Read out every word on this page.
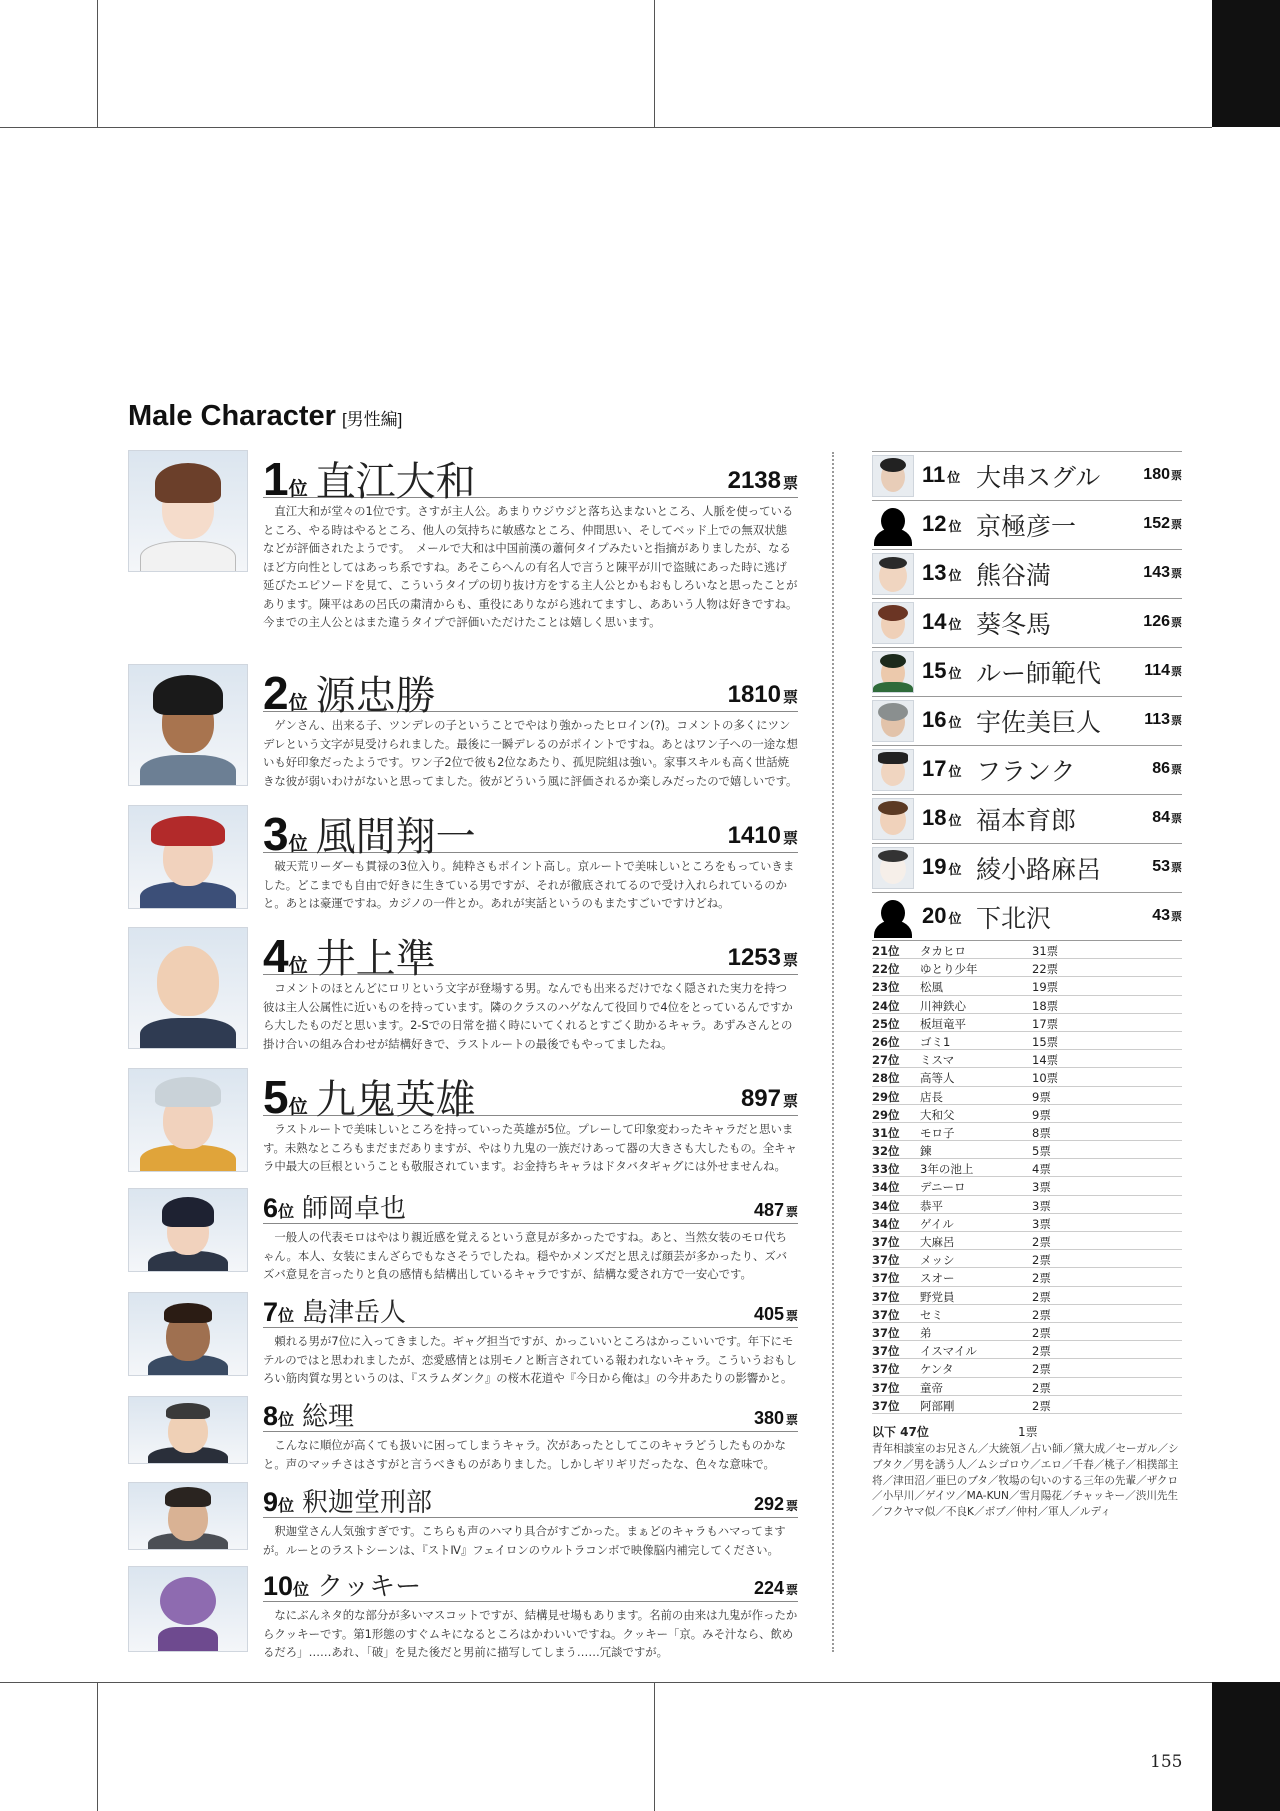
Male Character [男性編]
1位 直江大和	2138 票
直江大和が堂々の1位です。さすが主人公。あまりウジウジと落ち込まないところ、人脈を使っているところ、やる時はやるところ、他人の気持ちに敏感なところ、仲間思い、そしてベッド上での無双状態などが評価されたようです。　メールで大和は中国前漢の蕭何タイプみたいと指摘がありましたが、なるほど方向性としてはあっち系ですね。あそこらへんの有名人で言うと陳平が川で盗賊にあった時に逃げ延びたエピソードを見て、こういうタイプの切り抜け方をする主人公とかもおもしろいなと思ったことがあります。陳平はあの呂氏の粛清からも、重役にありながら逃れてますし、ああいう人物は好きですね。今までの主人公とはまた違うタイプで評価いただけたことは嬉しく思います。
2位 源忠勝	1810 票
ゲンさん、出来る子、ツンデレの子ということでやはり強かったヒロイン(?)。コメントの多くにツンデレという文字が見受けられました。最後に一瞬デレるのがポイントですね。あとはワン子への一途な想いも好印象だったようです。ワン子2位で彼も2位なあたり、孤児院組は強い。家事スキルも高く世話焼きな彼が弱いわけがないと思ってました。彼がどういう風に評価されるか楽しみだったので嬉しいです。
3位 風間翔一	1410 票
破天荒リーダーも貫禄の3位入り。純粋さもポイント高し。京ルートで美味しいところをもっていきました。どこまでも自由で好きに生きている男ですが、それが徹底されてるので受け入れられているのかと。あとは豪運ですね。カジノの一件とか。あれが実話というのもまたすごいですけどね。
4位 井上準	1253 票
コメントのほとんどにロリという文字が登場する男。なんでも出来るだけでなく隠された実力を持つ彼は主人公属性に近いものを持っています。隣のクラスのハゲなんて役回りで4位をとっているんですから大したものだと思います。2-Sでの日常を描く時にいてくれるとすごく助かるキャラ。あずみさんとの掛け合いの組み合わせが結構好きで、ラストルートの最後でもやってましたね。
5位 九鬼英雄	897 票
ラストルートで美味しいところを持っていった英雄が5位。プレーして印象変わったキャラだと思います。未熟なところもまだまだありますが、やはり九鬼の一族だけあって器の大きさも大したもの。全キャラ中最大の巨根ということも敬服されています。お金持ちキャラはドタバタギャグには外せませんね。
6位 師岡卓也	487 票
一般人の代表モロはやはり親近感を覚えるという意見が多かったですね。あと、当然女装のモロ代ちゃん。本人、女装にまんざらでもなさそうでしたね。穏やかメンズだと思えば顔芸が多かったり、ズバズバ意見を言ったりと負の感情も結構出しているキャラですが、結構な愛され方で一安心です。
7位 島津岳人	405 票
頼れる男が7位に入ってきました。ギャグ担当ですが、かっこいいところはかっこいいです。年下にモテルのではと思われましたが、恋愛感情とは別モノと断言されている報われないキャラ。こういうおもしろい筋肉質な男というのは、『スラムダンク』の桜木花道や『今日から俺は』の今井あたりの影響かと。
8位 総理	380 票
こんなに順位が高くても扱いに困ってしまうキャラ。次があったとしてこのキャラどうしたものかなと。声のマッチさはさすがと言うべきものがありました。しかしギリギリだったな、色々な意味で。
9位 釈迦堂刑部	292 票
釈迦堂さん人気強すぎです。こちらも声のハマり具合がすごかった。まぁどのキャラもハマってますが。ルーとのラストシーンは、『ストⅣ』フェイロンのウルトラコンボで映像脳内補完してください。
10位 クッキー	224 票
なにぶんネタ的な部分が多いマスコットですが、結構見せ場もあります。名前の由来は九鬼が作ったからクッキーです。第1形態のすぐムキになるところはかわいいですね。クッキー「京。みそ汁なら、飲めるだろ」……あれ、「破」を見た後だと男前に描写してしまう……冗談ですが。
11 位 大串スグル	180票
12 位 京極彦一	152票
13 位 熊谷満	143票
14 位 葵冬馬	126票
15 位 ルー師範代	114票
16 位 宇佐美巨人	113票
17 位 フランク	86票
18 位 福本育郎	84票
19 位 綾小路麻呂	53票
20 位 下北沢	43票
21位 タカヒロ	31票
22位 ゆとり少年	22票
23位 松風	19票
24位 川神鉄心	18票
25位 板垣竜平	17票
26位 ゴミ1	15票
27位 ミスマ	14票
28位 高等人	10票
29位 店長	9票
29位 大和父	9票
31位 モロ子	8票
32位 鍊	5票
33位 3年の池上	4票
34位 デニーロ	3票
34位 恭平	3票
34位 ゲイル	3票
37位 大麻呂	2票
37位 メッシ	2票
37位 スオー	2票
37位 野党員	2票
37位 セミ	2票
37位 弟	2票
37位 イスマイル	2票
37位 ケンタ	2票
37位 童帝	2票
37位 阿部剛	2票
以下 47位	1票
青年相談室のお兄さん／大統領／占い師／黛大成／セーガル／シブタク／男を誘う人／ムシゴロウ／エロ／千春／桃子／相撲部主将／津田沼／亜巳のブタ／牧場の匂いのする三年の先輩／ザクロ／小早川／ゲイツ／MA-KUN／雪月陽花／チャッキー／渋川先生／フクヤマ似／不良K／ボブ／仲村／軍人／ルディ
155
